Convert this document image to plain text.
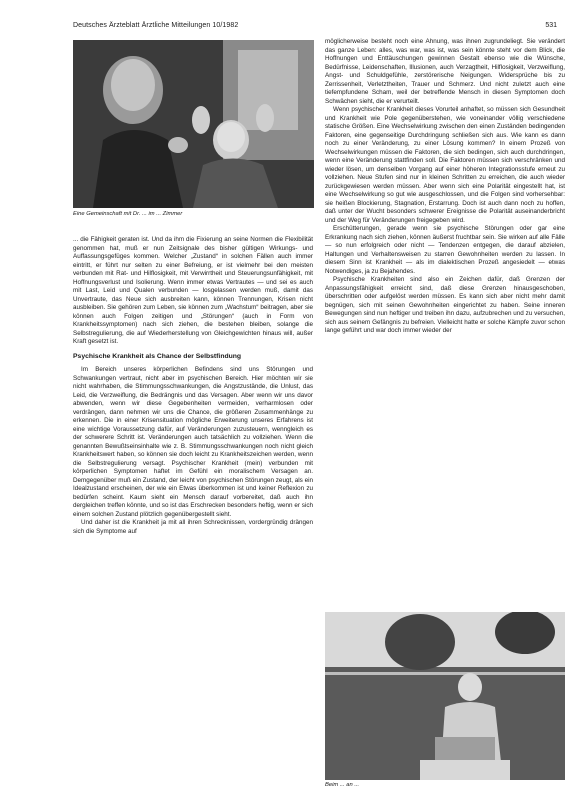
Deutsches Ärzteblatt Ärztliche Mitteilungen 10/1982	531
Eine Gemeinschaft mit Dr. ... im ... Zimmer

... die Fähigkeit geraten ist. Und da ihm die Fixierung an seine Normen die Flexibilität genommen hat, muß er nun Zeitsignale des bisher gültigen Wirkungs- und Auffassungsgefüges kommen. Welcher „Zustand“ in solchen Fällen auch immer eintritt, er führt nur selten zu einer Befreiung, er ist vielmehr bei den meisten verbunden mit Rat- und Hilflosigkeit, mit Verwirrtheit und Steuerungsunfähigkeit, mit Hoffnungsverlust und Isolierung. Wenn immer etwas Vertrautes — und sei es auch mit Last, Leid und Qualen verbunden — losgelassen werden muß, damit das Unvertraute, das Neue sich ausbreiten kann, können Trennungen, Krisen nicht ausbleiben. Sie gehören zum Leben, sie können zum „Wachstum“ beitragen, aber sie können auch Folgen zeitigen und „Störungen“ (auch in Form von Krankheitssymptomen) nach sich ziehen, die bestehen bleiben, solange die Selbstregulierung, die auf Wiederherstellung von Gleichgewichten hinaus will, außer Kraft gesetzt ist.

Psychische Krankheit als Chance der Selbstfindung

Im Bereich unseres körperlichen Befindens sind uns Störungen und Schwankungen vertraut, nicht aber im psychischen Bereich. Hier möchten wir sie nicht wahrhaben, die Stimmungsschwankungen, die Angstzustände, die Unlust, das Leid, die Verzweiflung, die Bedrängnis und das Versagen. Aber wenn wir uns davor abwenden, wenn wir diese Gegebenheiten vermeiden, verharmlosen oder verdrängen, dann nehmen wir uns die Chance, die größeren Zusammenhänge zu erkennen. Die in einer Krisensituation mögliche Erweiterung unseres Erfahrens ist eine wichtige Voraussetzung dafür, auf Veränderungen zuzusteuern, wenngleich es der schwerere Schritt ist. Veränderungen auch tatsächlich zu vollziehen. Wenn die genannten Bewußtseinsinhalte wie z. B. Stimmungsschwankungen noch nicht gleich Krankheitswert haben, so können sie doch leicht zu Krankheitszeichen werden, wenn die Selbstregulierung versagt. Psychischer Krankheit (mein) verbunden mit körperlichen Symptomen haftet im Gefühl ein moralischem Versagen an. Demgegenüber muß ein Zustand, der leicht von psychischen Störungen zeugt, als ein Idealzustand erscheinen, der wie ein Etwas überkommen ist und keiner Reflexion zu bedürfen scheint. Kaum sieht ein Mensch darauf vorbereitet, daß auch ihn dergleichen treffen könnte, und so ist das Erschrecken besonders heftig, wenn er sich einem solchen Zustand plötzlich gegenübergestellt sieht.

Und daher ist die Krankheit ja mit all ihren Schrecknissen, vordergründig drängen sich die Symptome auf

möglicherweise besteht noch eine Ahnung, was ihnen zugrundeliegt. Sie verändert das ganze Leben: alles, was war, was ist, was sein könnte steht vor dem Blick, die Hoffnungen und Enttäuschungen gewinnen Gestalt ebenso wie die Wünsche, Bedürfnisse, Leidenschaften, Illusionen, auch Verzagtheit, Hilflosigkeit, Verzweiflung, Angst- und Schuldgefühle, zerstörerische Neigungen. Widersprüche bis zu Zerrissenheit, Verletztheiten, Trauer und Schmerz. Und nicht zuletzt auch eine tiefempfundene Scham, weil der betreffende Mensch in diesen Symptomen doch Schwächen sieht, die er verurteilt.

Wenn psychischer Krankheit dieses Vorurteil anhaftet, so müssen sich Gesundheit und Krankheit wie Pole gegenüberstehen, wie voneinander völlig verschiedene statische Größen. Eine Wechselwirkung zwischen den einen Zuständen bedingenden Faktoren, eine gegenseitige Durchdringung schließen sich aus. Wie kann es dann noch zu einer Veränderung, zu einer Lösung kommen? In einem Prozeß von Wechselwirkungen müssen die Faktoren, die sich bedingen, sich auch durchdringen, wenn eine Veränderung stattfinden soll. Die Faktoren müssen sich verschränken und wieder lösen, um denselben Vorgang auf einer höheren Integrationsstufe erneut zu vollziehen. Neue Stufen sind nur in kleinen Schritten zu erreichen, die auch wieder zurückgewiesen werden müssen. Aber wenn sich eine Polarität eingestellt hat, ist eine Wechselwirkung so gut wie ausgeschlossen, und die Folgen sind vorhersehbar: sie heißen Blockierung, Stagnation, Erstarrung. Doch ist auch dann noch zu hoffen, daß unter der Wucht besonders schwerer Ereignisse die Polarität auseinanderbricht und der Weg für Veränderungen freigegeben wird.

Erschütterungen, gerade wenn sie psychische Störungen oder gar eine Erkrankung nach sich ziehen, können äußerst fruchtbar sein. Sie wirken auf alle Fälle — so nun erfolgreich oder nicht — Tendenzen entgegen, die darauf abzielen, Haltungen und Verhaltensweisen zu starren Gewohnheiten werden zu lassen. In diesem Sinn ist Krankheit — als im dialektischen Prozeß angesiedelt — etwas Notwendiges, ja zu Bejahendes.

Psychische Krankheiten sind also ein Zeichen dafür, daß Grenzen der Anpassungsfähigkeit erreicht sind, daß diese Grenzen hinausgeschoben, überschritten oder aufgelöst werden müssen. Es kann sich aber nicht mehr damit begnügen, sich mit seinen Gewohnheiten eingerichtet zu haben. Seine inneren Bewegungen sind nun heftiger und treiben ihn dazu, aufzubrechen und zu versuchen, sich aus seinem Gefängnis zu befreien. Vielleicht hatte er solche Kämpfe zuvor schon lange geführt und war doch immer wieder der

Beim ... an ...
